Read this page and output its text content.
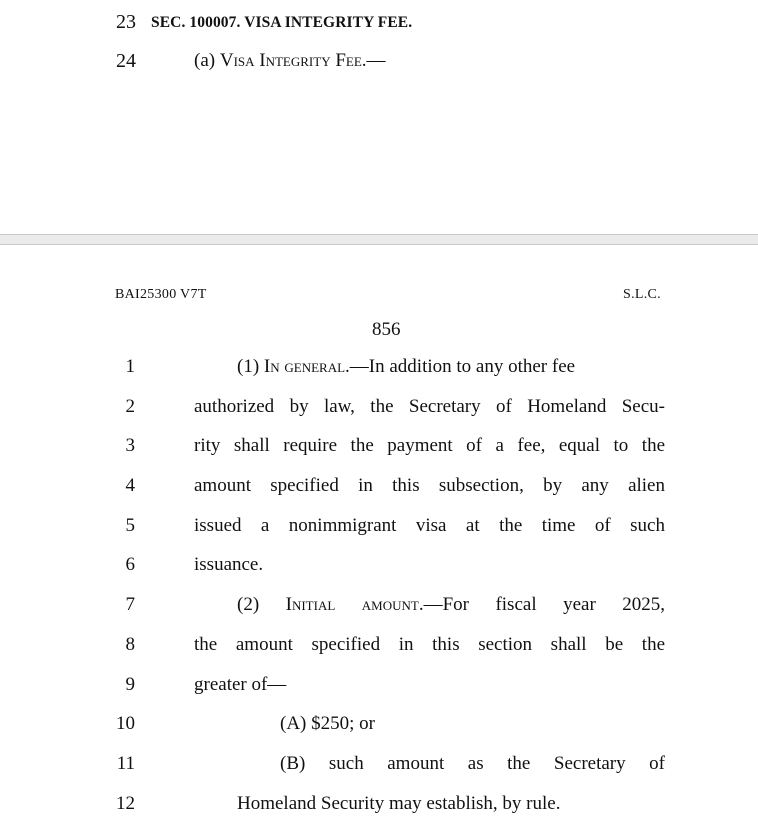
23 SEC. 100007. VISA INTEGRITY FEE.
24	(a) Visa Integrity Fee.—
BAI25300 V7T	S.L.C.
856
1
2
3
4
5
6
7
8
9
10
11
12
(1) In general.—In addition to any other fee
authorized by law, the Secretary of Homeland Secu-
rity shall require the payment of a fee, equal to the
amount specified in this subsection, by any alien
issued a nonimmigrant visa at the time of such
issuance.
(2) Initial amount.—For fiscal year 2025,
the amount specified in this section shall be the
greater of—
(A) $250; or
(B) such amount as the Secretary of
Homeland Security may establish, by rule.
